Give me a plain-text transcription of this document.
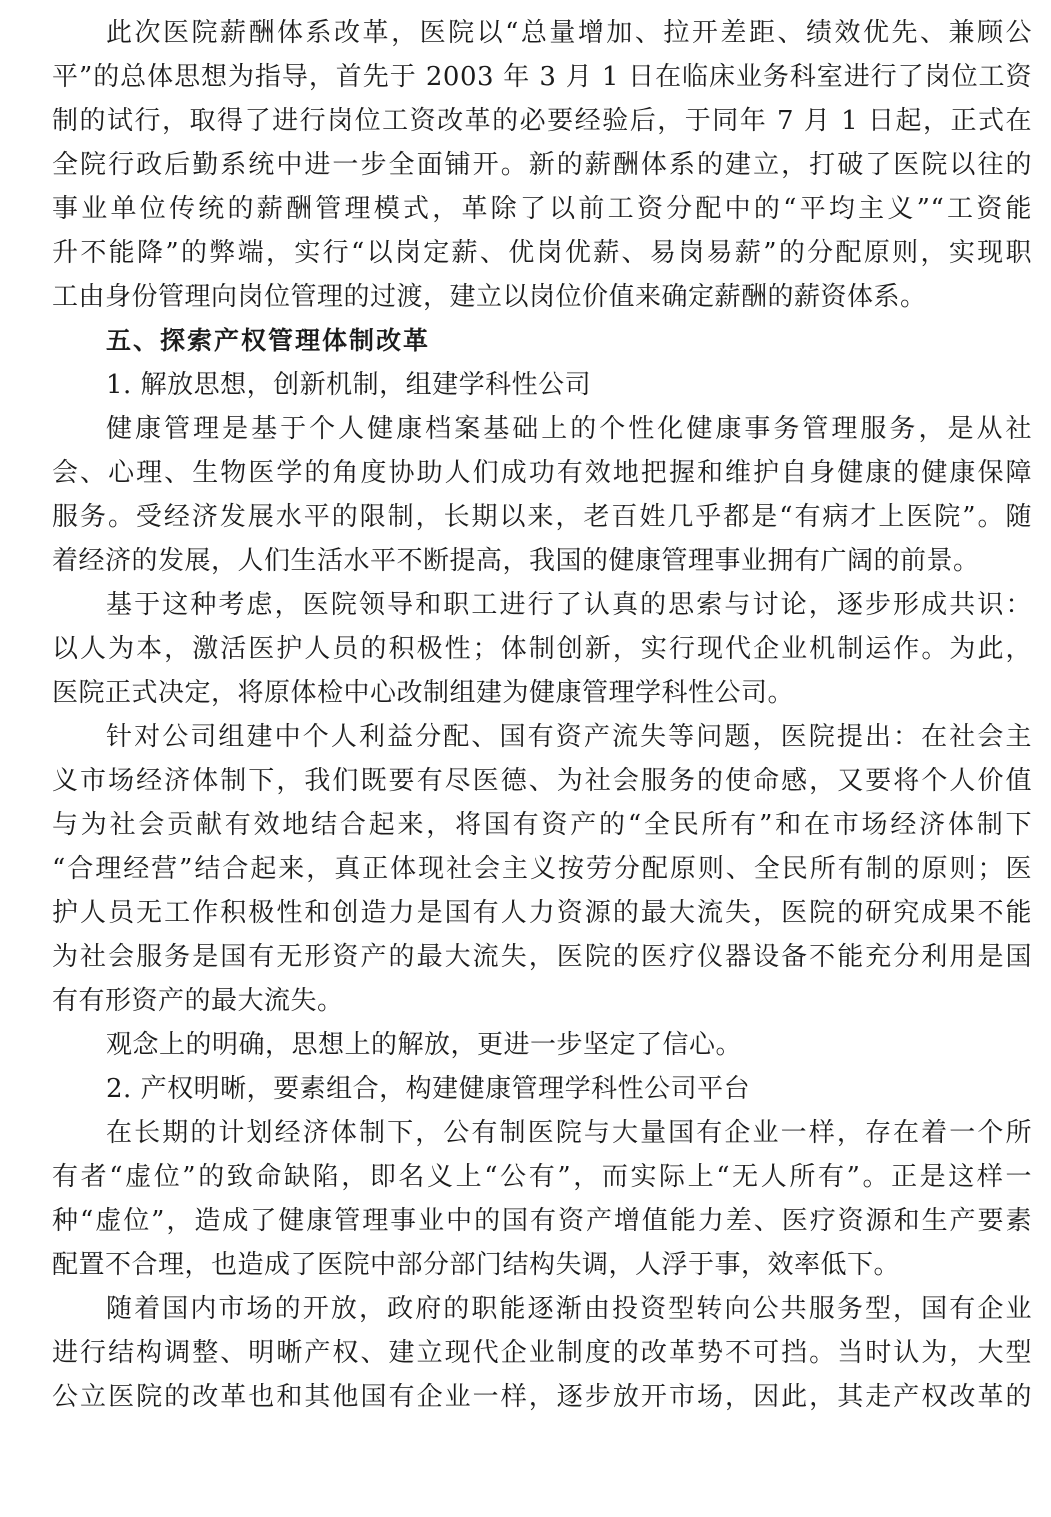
此次医院薪酬体系改革，医院以“总量增加、拉开差距、绩效优先、兼顾公
平”的总体思想为指导，首先于 2003 年 3 月 1 日在临床业务科室进行了岗位工资
制的试行，取得了进行岗位工资改革的必要经验后，于同年 7 月 1 日起，正式在
全院行政后勤系统中进一步全面铺开。新的薪酬体系的建立，打破了医院以往的
事业单位传统的薪酬管理模式，革除了以前工资分配中的“平均主义”“工资能
升不能降”的弊端，实行“以岗定薪、优岗优薪、易岗易薪”的分配原则，实现职
工由身份管理向岗位管理的过渡，建立以岗位价值来确定薪酬的薪资体系。
五、探索产权管理体制改革
1. 解放思想，创新机制，组建学科性公司
健康管理是基于个人健康档案基础上的个性化健康事务管理服务，是从社
会、心理、生物医学的角度协助人们成功有效地把握和维护自身健康的健康保障
服务。受经济发展水平的限制，长期以来，老百姓几乎都是“有病才上医院”。随
着经济的发展，人们生活水平不断提高，我国的健康管理事业拥有广阔的前景。
基于这种考虑，医院领导和职工进行了认真的思索与讨论，逐步形成共识：
以人为本，激活医护人员的积极性；体制创新，实行现代企业机制运作。为此，
医院正式决定，将原体检中心改制组建为健康管理学科性公司。
针对公司组建中个人利益分配、国有资产流失等问题，医院提出：在社会主
义市场经济体制下，我们既要有尽医德、为社会服务的使命感，又要将个人价值
与为社会贡献有效地结合起来，将国有资产的“全民所有”和在市场经济体制下
“合理经营”结合起来，真正体现社会主义按劳分配原则、全民所有制的原则；医
护人员无工作积极性和创造力是国有人力资源的最大流失，医院的研究成果不能
为社会服务是国有无形资产的最大流失，医院的医疗仪器设备不能充分利用是国
有有形资产的最大流失。
观念上的明确，思想上的解放，更进一步坚定了信心。
2. 产权明晰，要素组合，构建健康管理学科性公司平台
在长期的计划经济体制下，公有制医院与大量国有企业一样，存在着一个所
有者“虚位”的致命缺陷，即名义上“公有”，而实际上“无人所有”。正是这样一
种“虚位”，造成了健康管理事业中的国有资产增值能力差、医疗资源和生产要素
配置不合理，也造成了医院中部分部门结构失调，人浮于事，效率低下。
随着国内市场的开放，政府的职能逐渐由投资型转向公共服务型，国有企业
进行结构调整、明晰产权、建立现代企业制度的改革势不可挡。当时认为，大型
公立医院的改革也和其他国有企业一样，逐步放开市场，因此，其走产权改革的
